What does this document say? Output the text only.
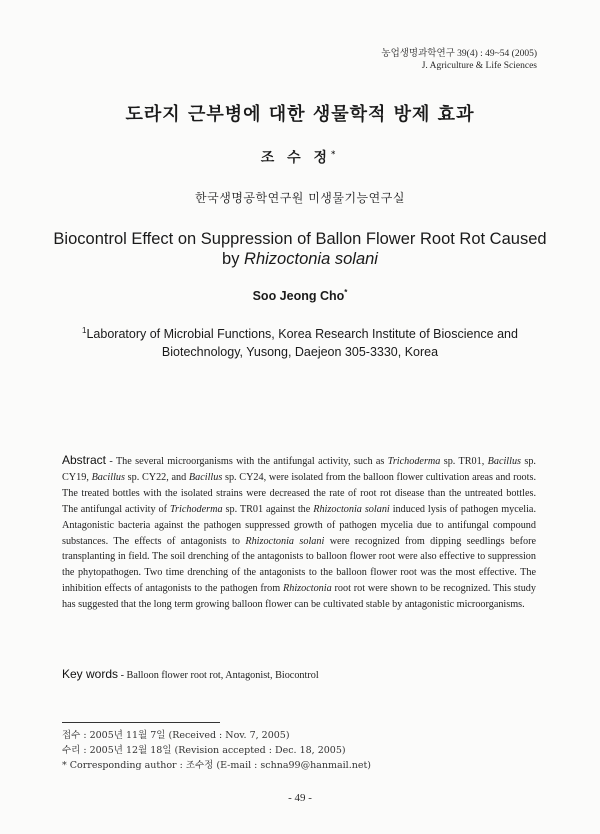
농업생명과학연구 39(4) : 49~54 (2005)
J. Agriculture & Life Sciences
도라지 근부병에 대한 생물학적 방제 효과
조 수 정*
한국생명공학연구원 미생물기능연구실
Biocontrol Effect on Suppression of Ballon Flower Root Rot Caused
by Rhizoctonia solani
Soo Jeong Cho*
$^1$Laboratory of Microbial Functions, Korea Research Institute of Bioscience and
Biotechnology, Yusong, Daejeon 305-3330, Korea
Abstract - The several microorganisms with the antifungal activity, such as Trichoderma sp. TR01, Bacillus sp. CY19, Bacillus sp. CY22, and Bacillus sp. CY24, were isolated from the balloon flower cultivation areas and roots. The treated bottles with the isolated strains were decreased the rate of root rot disease than the untreated bottles. The antifungal activity of Trichoderma sp. TR01 against the Rhizoctonia solani induced lysis of pathogen mycelia. Antagonistic bacteria against the pathogen suppressed growth of pathogen mycelia due to antifungal compound substances. The effects of antagonists to Rhizoctonia solani were recognized from dipping seedlings before transplanting in field. The soil drenching of the antagonists to balloon flower root were also effective to suppression the phytopathogen. Two time drenching of the antagonists to the balloon flower root was the most effective. The inhibition effects of antagonists to the pathogen from Rhizoctonia root rot were shown to be recognized. This study has suggested that the long term growing balloon flower can be cultivated stable by antagonistic microorganisms.
Key words - Balloon flower root rot, Antagonist, Biocontrol
접수 : 2005년 11월 7일 (Received : Nov. 7, 2005)
수리 : 2005년 12월 18일 (Revision accepted : Dec. 18, 2005)
* Corresponding author : 조수정 (E-mail : schna99@hanmail.net)
- 49 -
